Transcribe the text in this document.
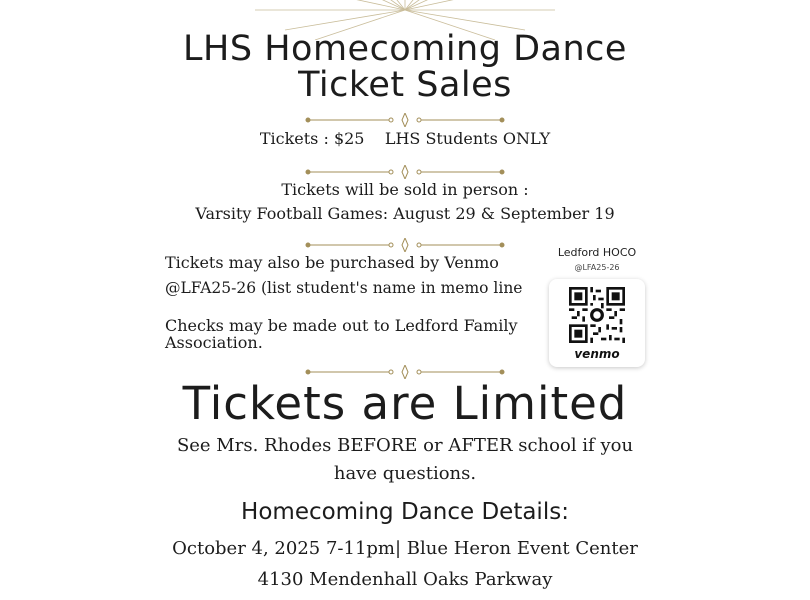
LHS Homecoming Dance
Ticket Sales
Tickets : $25 LHS Students ONLY
Tickets will be sold in person :
Varsity Football Games: August 29 & September 19
Tickets may also be purchased by Venmo
@LFA25-26 (list student's name in memo line
Checks may be made out to Ledford Family
Association.
Ledford HOCO
@LFA25-26
venmo
Tickets are Limited
See Mrs. Rhodes BEFORE or AFTER school if you
have questions.
Homecoming Dance Details:
October 4, 2025 7-11pm| Blue Heron Event Center
4130 Mendenhall Oaks Parkway
